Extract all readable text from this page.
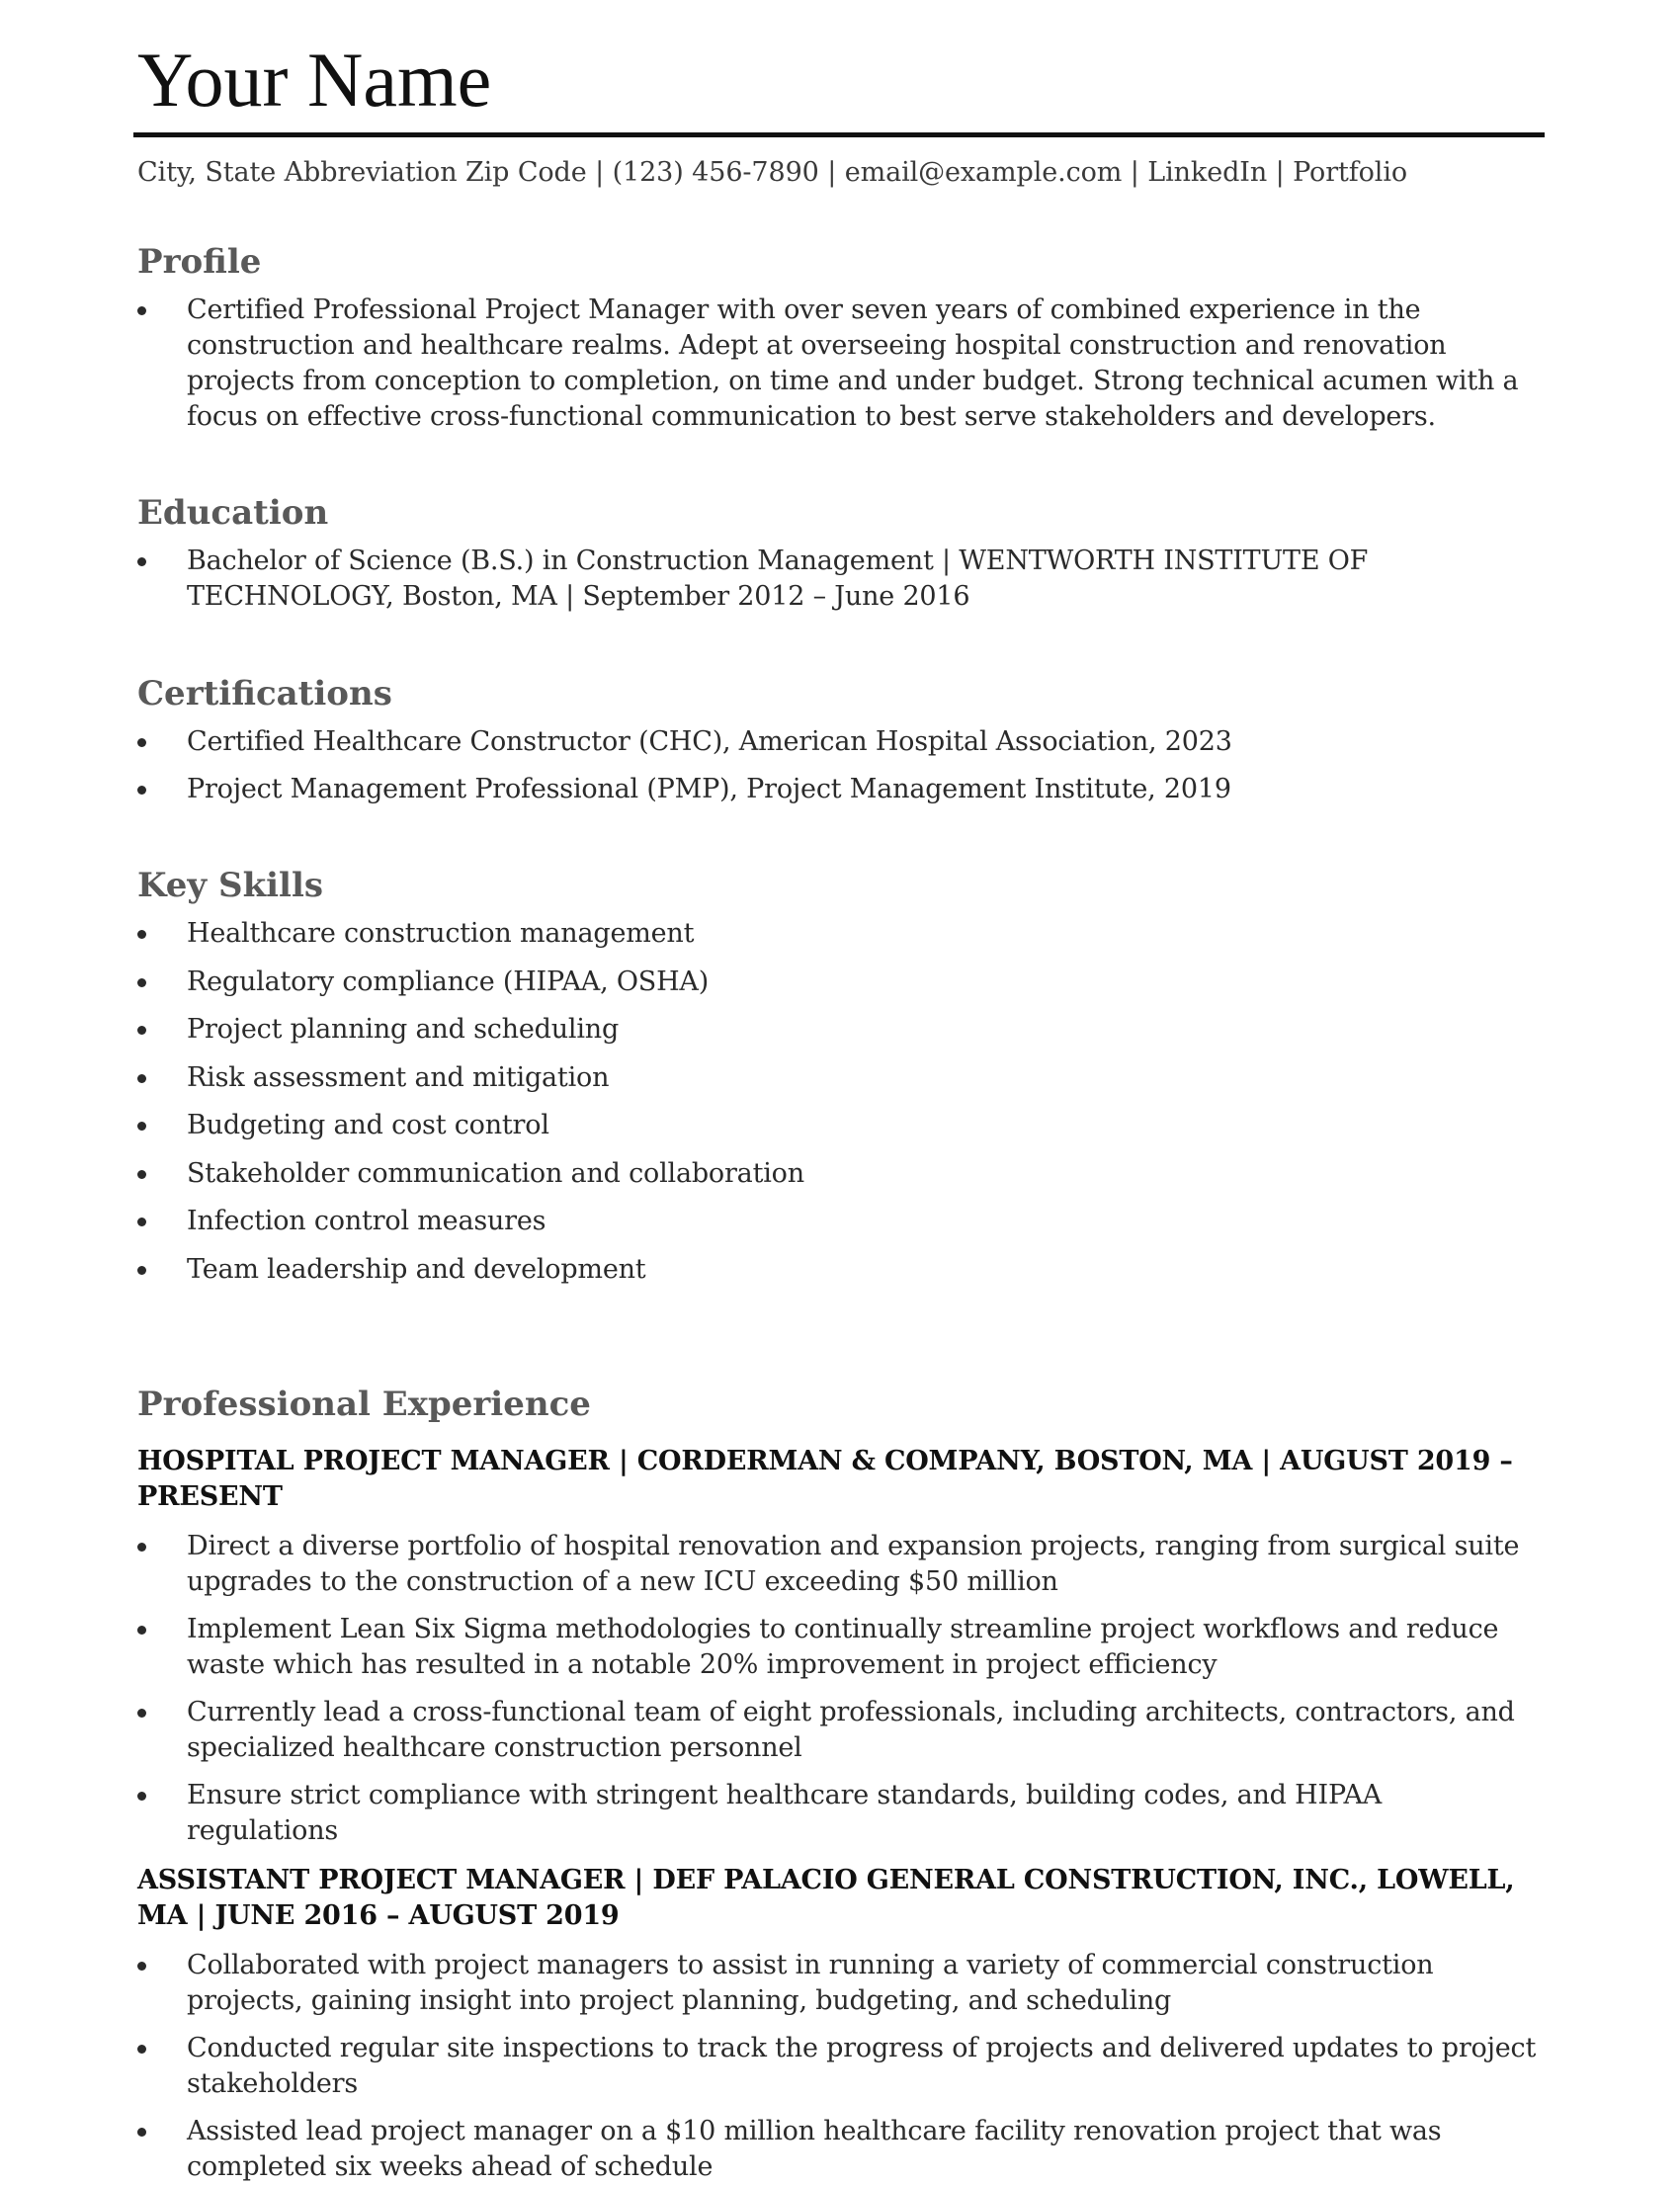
Your Name
City, State Abbreviation Zip Code | (123) 456-7890 | email@example.com | LinkedIn | Portfolio
Profile
Certified Professional Project Manager with over seven years of combined experience in the construction and healthcare realms. Adept at overseeing hospital construction and renovation projects from conception to completion, on time and under budget. Strong technical acumen with a focus on effective cross-functional communication to best serve stakeholders and developers.
Education
Bachelor of Science (B.S.) in Construction Management | WENTWORTH INSTITUTE OF TECHNOLOGY, Boston, MA | September 2012 – June 2016
Certifications
Certified Healthcare Constructor (CHC), American Hospital Association, 2023
Project Management Professional (PMP), Project Management Institute, 2019
Key Skills
Healthcare construction management
Regulatory compliance (HIPAA, OSHA)
Project planning and scheduling
Risk assessment and mitigation
Budgeting and cost control
Stakeholder communication and collaboration
Infection control measures
Team leadership and development
Professional Experience
HOSPITAL PROJECT MANAGER | CORDERMAN & COMPANY, BOSTON, MA | AUGUST 2019 – PRESENT
Direct a diverse portfolio of hospital renovation and expansion projects, ranging from surgical suite upgrades to the construction of a new ICU exceeding $50 million
Implement Lean Six Sigma methodologies to continually streamline project workflows and reduce waste which has resulted in a notable 20% improvement in project efficiency
Currently lead a cross-functional team of eight professionals, including architects, contractors, and specialized healthcare construction personnel
Ensure strict compliance with stringent healthcare standards, building codes, and HIPAA regulations
ASSISTANT PROJECT MANAGER | DEF PALACIO GENERAL CONSTRUCTION, INC., LOWELL, MA | JUNE 2016 – AUGUST 2019
Collaborated with project managers to assist in running a variety of commercial construction projects, gaining insight into project planning, budgeting, and scheduling
Conducted regular site inspections to track the progress of projects and delivered updates to project stakeholders
Assisted lead project manager on a $10 million healthcare facility renovation project that was completed six weeks ahead of schedule
